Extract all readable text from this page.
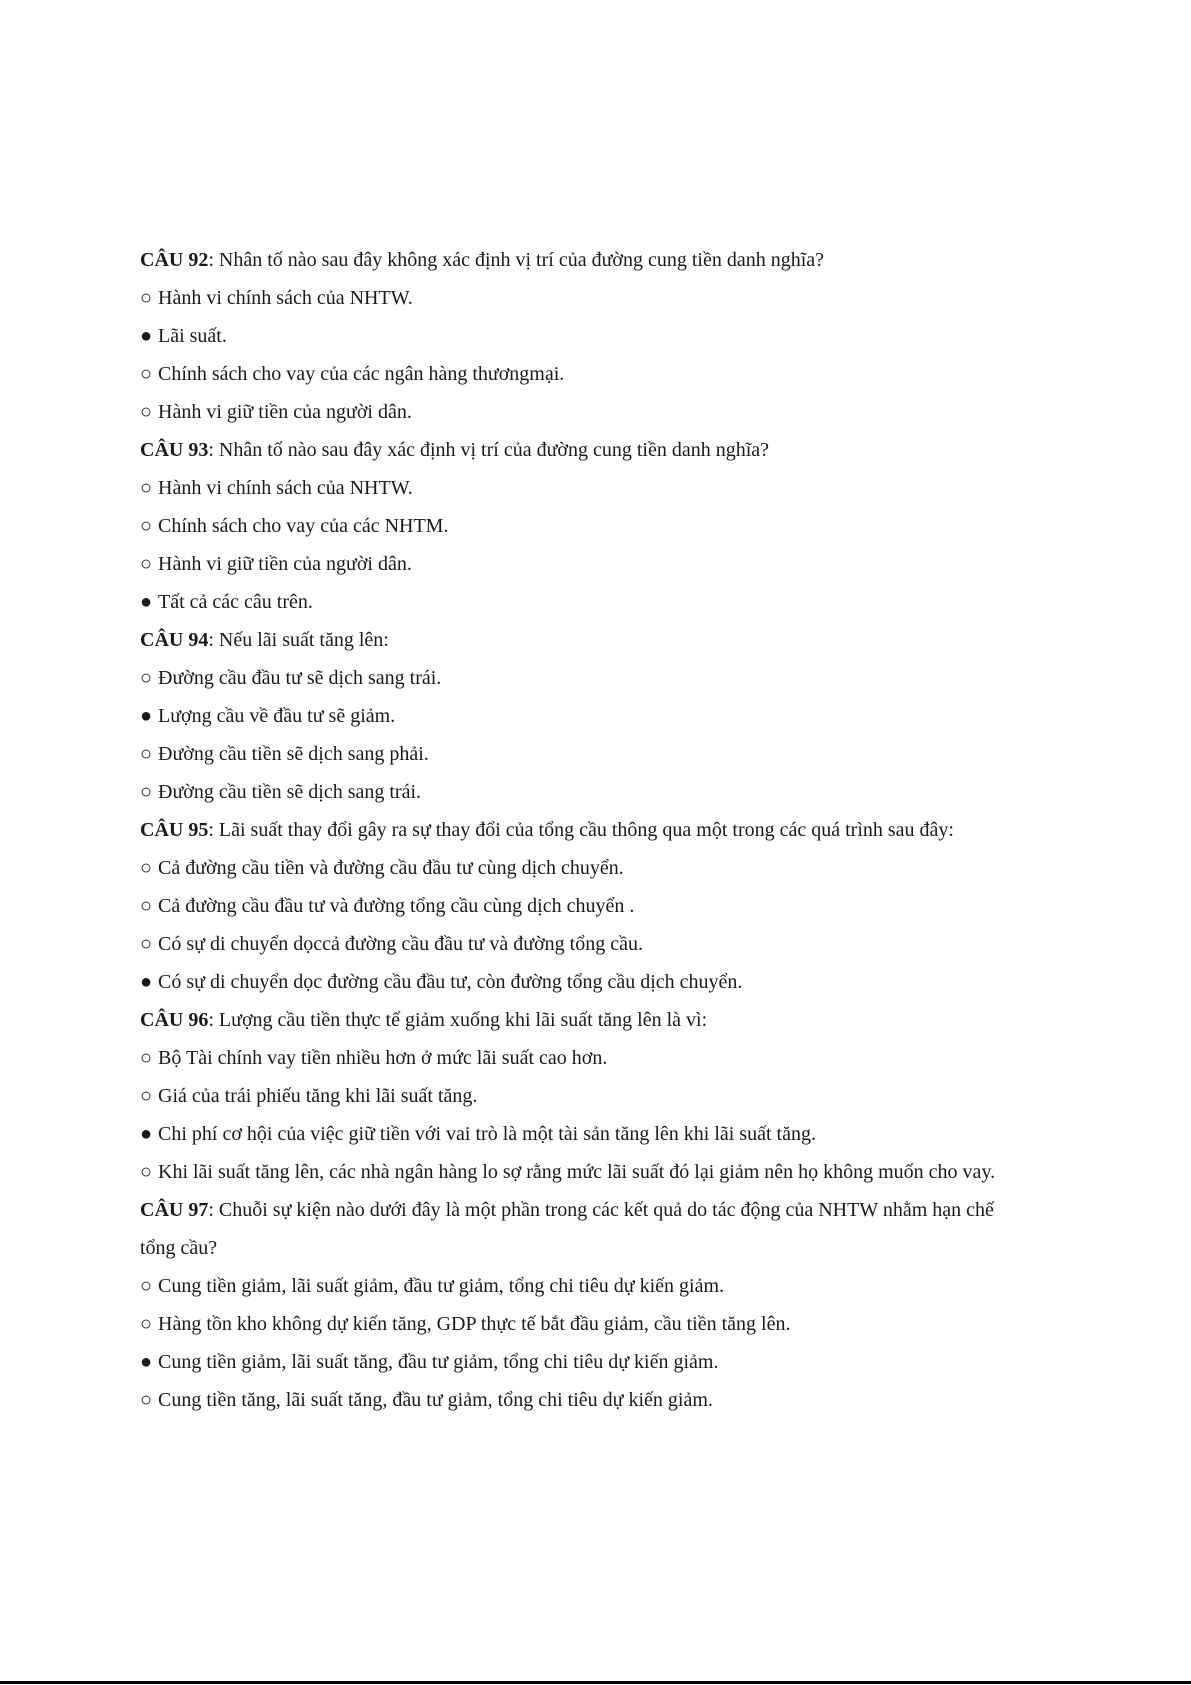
CÂU 92: Nhân tố nào sau đây không xác định vị trí của đường cung tiền danh nghĩa?

○ Hành vi chính sách của NHTW.

● Lãi suất.

○ Chính sách cho vay của các ngân hàng thươngmại.

○ Hành vi giữ tiền của người dân.

CÂU 93: Nhân tố nào sau đây xác định vị trí của đường cung tiền danh nghĩa?

○ Hành vi chính sách của NHTW.

○ Chính sách cho vay của các NHTM.

○ Hành vi giữ tiền của người dân.

● Tất cả các câu trên.

CÂU 94: Nếu lãi suất tăng lên:

○ Đường cầu đầu tư sẽ dịch sang trái.

● Lượng cầu về đầu tư sẽ giảm.

○ Đường cầu tiền sẽ dịch sang phải.

○ Đường cầu tiền sẽ dịch sang trái.

CÂU 95: Lãi suất thay đổi gây ra sự thay đổi của tổng cầu thông qua một trong các quá trình sau đây:

○ Cả đường cầu tiền và đường cầu đầu tư cùng dịch chuyển.

○ Cả đường cầu đầu tư và đường tổng cầu cùng dịch chuyển .

○ Có sự di chuyển dọccả đường cầu đầu tư và đường tổng cầu.

● Có sự di chuyển dọc đường cầu đầu tư, còn đường tổng cầu dịch chuyển.

CÂU 96: Lượng cầu tiền thực tế giảm xuống khi lãi suất tăng lên là vì:

○ Bộ Tài chính vay tiền nhiều hơn ở mức lãi suất cao hơn.

○ Giá của trái phiếu tăng khi lãi suất tăng.

● Chi phí cơ hội của việc giữ tiền với vai trò là một tài sản tăng lên khi lãi suất tăng.

○ Khi lãi suất tăng lên, các nhà ngân hàng lo sợ rằng mức lãi suất đó lại giảm nên họ không muốn cho vay.

CÂU 97: Chuỗi sự kiện nào dưới đây là một phần trong các kết quả do tác động của NHTW nhằm hạn chế tổng cầu?

○ Cung tiền giảm, lãi suất giảm, đầu tư giảm, tổng chi tiêu dự kiến giảm.

○ Hàng tồn kho không dự kiến tăng, GDP thực tế bắt đầu giảm, cầu tiền tăng lên.

● Cung tiền giảm, lãi suất tăng, đầu tư giảm, tổng chi tiêu dự kiến giảm.

○ Cung tiền tăng, lãi suất tăng, đầu tư giảm, tổng chi tiêu dự kiến giảm.
